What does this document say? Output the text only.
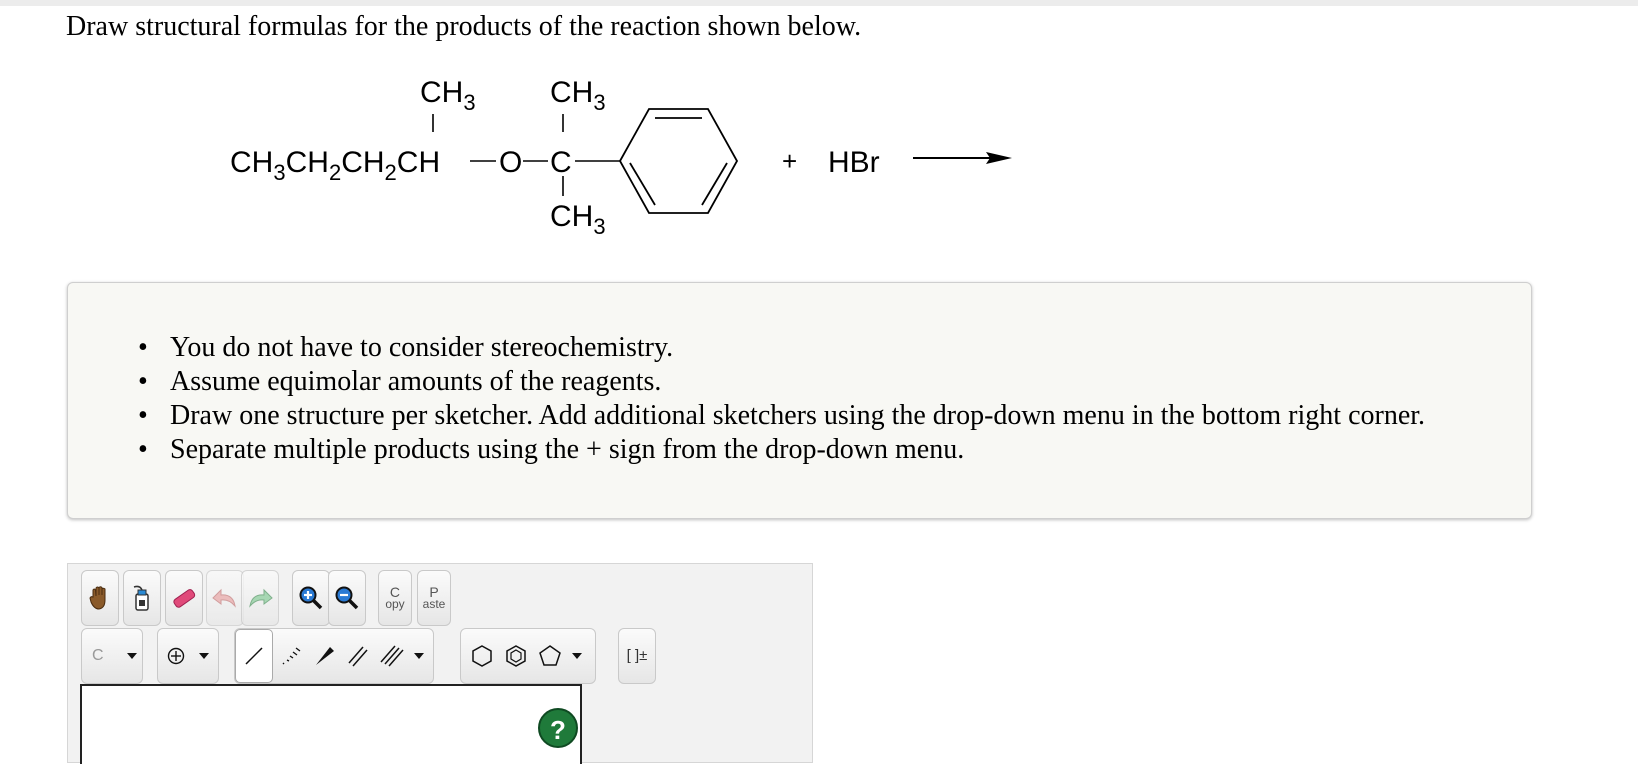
Draw structural formulas for the products of the reaction shown below.
$CH_3$
$CH_3CH_2CH_2CH$ O C
$CH_3$
$CH_3$
+ HBr
• You do not have to consider stereochemistry.
• Assume equimolar amounts of the reagents.
• Draw one structure per sketcher. Add additional sketchers using the drop-down menu in the bottom right corner.
• Separate multiple products using the + sign from the drop-down menu.
C
opy
P
aste
C	[ ]±
?
